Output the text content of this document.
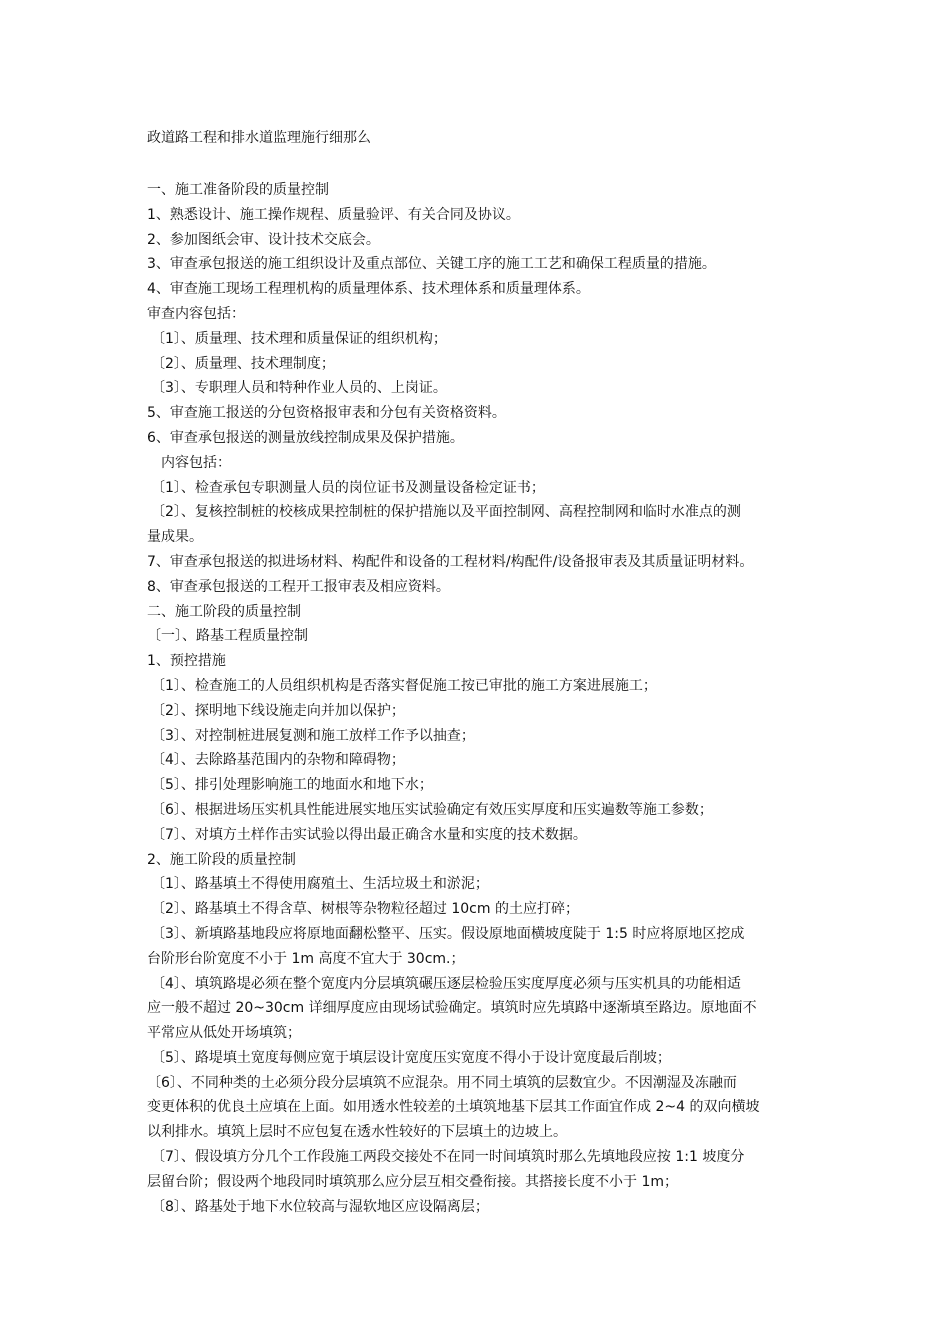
政道路工程和排水道监理施行细那么
一、施工准备阶段的质量控制
1、熟悉设计、施工操作规程、质量验评、有关合同及协议。
2、参加图纸会审、设计技术交底会。
3、审查承包报送的施工组织设计及重点部位、关键工序的施工工艺和确保工程质量的措施。
4、审查施工现场工程理机构的质量理体系、技术理体系和质量理体系。
审查内容包括：
〔1〕、质量理、技术理和质量保证的组织机构；
〔2〕、质量理、技术理制度；
〔3〕、专职理人员和特种作业人员的、上岗证。
5、审查施工报送的分包资格报审表和分包有关资格资料。
6、审查承包报送的测量放线控制成果及保护措施。
内容包括：
〔1〕、检查承包专职测量人员的岗位证书及测量设备检定证书；
〔2〕、复核控制桩的校核成果控制桩的保护措施以及平面控制网、高程控制网和临时水准点的测
量成果。
7、审查承包报送的拟进场材料、构配件和设备的工程材料/构配件/设备报审表及其质量证明材料。
8、审查承包报送的工程开工报审表及相应资料。
二、施工阶段的质量控制
〔一〕、路基工程质量控制
1、预控措施
〔1〕、检查施工的人员组织机构是否落实督促施工按已审批的施工方案进展施工；
〔2〕、探明地下线设施走向并加以保护；
〔3〕、对控制桩进展复测和施工放样工作予以抽查；
〔4〕、去除路基范围内的杂物和障碍物；
〔5〕、排引处理影响施工的地面水和地下水；
〔6〕、根据进场压实机具性能进展实地压实试验确定有效压实厚度和压实遍数等施工参数；
〔7〕、对填方土样作击实试验以得出最正确含水量和实度的技术数据。
2、施工阶段的质量控制
〔1〕、路基填土不得使用腐殖土、生活垃圾土和淤泥；
〔2〕、路基填土不得含草、树根等杂物粒径超过 10cm 的土应打碎；
〔3〕、新填路基地段应将原地面翻松整平、压实。假设原地面横坡度陡于 1:5 时应将原地区挖成
台阶形台阶宽度不小于 1m 高度不宜大于 30cm.；
〔4〕、填筑路堤必须在整个宽度内分层填筑碾压逐层检验压实度厚度必须与压实机具的功能相适
应一般不超过 20~30cm 详细厚度应由现场试验确定。填筑时应先填路中逐渐填至路边。原地面不
平常应从低处开场填筑；
〔5〕、路堤填土宽度每侧应宽于填层设计宽度压实宽度不得小于设计宽度最后削坡；
〔6〕、不同种类的土必须分段分层填筑不应混杂。用不同土填筑的层数宜少。不因潮湿及冻融而
变更体积的优良土应填在上面。如用透水性较差的土填筑地基下层其工作面宜作成 2~4 的双向横坡
以利排水。填筑上层时不应包复在透水性较好的下层填土的边坡上。
〔7〕、假设填方分几个工作段施工两段交接处不在同一时间填筑时那么先填地段应按 1:1 坡度分
层留台阶；假设两个地段同时填筑那么应分层互相交叠衔接。其搭接长度不小于 1m；
〔8〕、路基处于地下水位较高与湿软地区应设隔离层；
